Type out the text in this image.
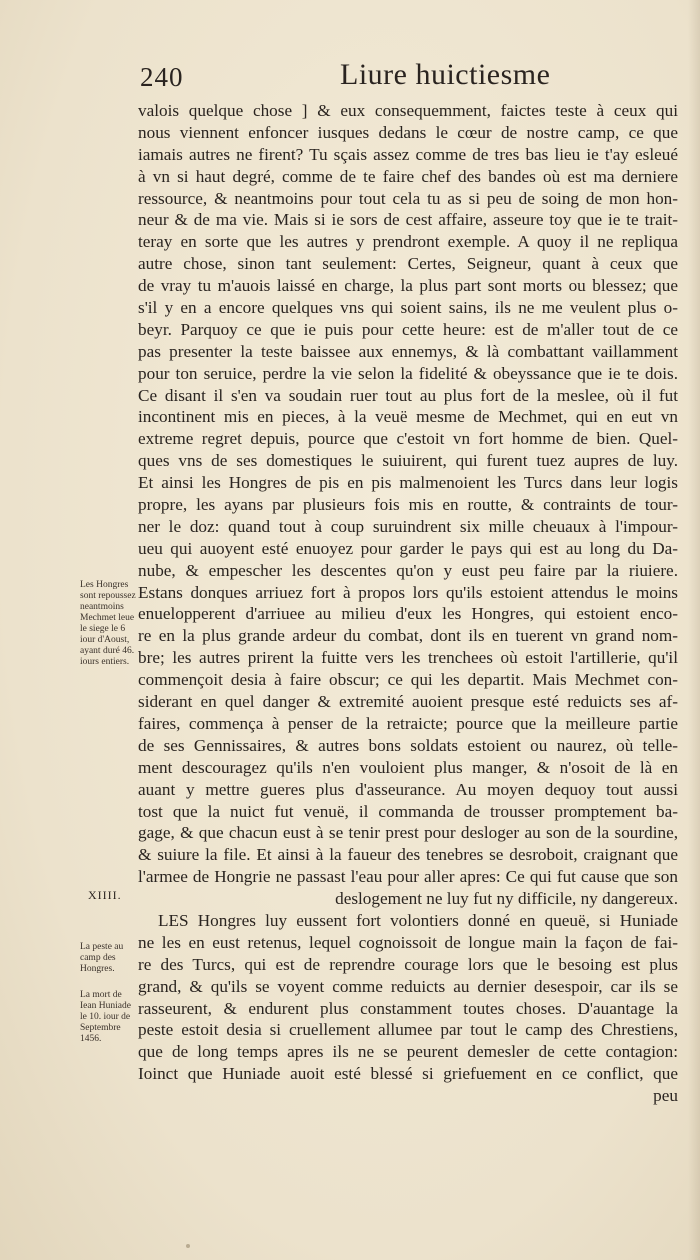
240	Liure huictiesme
valois quelque chose ] & eux consequemment, faictes teste à ceux qui
nous viennent enfoncer iusques dedans le cœur de nostre camp, ce que
iamais autres ne firent? Tu sçais assez comme de tres bas lieu ie t'ay esleué
à vn si haut degré, comme de te faire chef des bandes où est ma derniere
ressource, & neantmoins pour tout cela tu as si peu de soing de mon hon-
neur & de ma vie. Mais si ie sors de cest affaire, asseure toy que ie te trait-
teray en sorte que les autres y prendront exemple. A quoy il ne repliqua
autre chose, sinon tant seulement: Certes, Seigneur, quant à ceux que
de vray tu m'auois laissé en charge, la plus part sont morts ou blessez; que
s'il y en a encore quelques vns qui soient sains, ils ne me veulent plus o-
beyr. Parquoy ce que ie puis pour cette heure: est de m'aller tout de ce
pas presenter la teste baissee aux ennemys, & là combattant vaillamment
pour ton seruice, perdre la vie selon la fidelité & obeyssance que ie te dois.
Ce disant il s'en va soudain ruer tout au plus fort de la meslee, où il fut
incontinent mis en pieces, à la veuë mesme de Mechmet, qui en eut vn
extreme regret depuis, pource que c'estoit vn fort homme de bien. Quel-
ques vns de ses domestiques le suiuirent, qui furent tuez aupres de luy.
Et ainsi les Hongres de pis en pis malmenoient les Turcs dans leur logis
propre, les ayans par plusieurs fois mis en routte, & contraints de tour-
ner le doz: quand tout à coup suruindrent six mille cheuaux à l'impour-
ueu qui auoyent esté enuoyez pour garder le pays qui est au long du Da-
nube, & empescher les descentes qu'on y eust peu faire par la riuiere.
Estans donques arriuez fort à propos lors qu'ils estoient attendus le moins
enuelopperent d'arriuee au milieu d'eux les Hongres, qui estoient enco-
re en la plus grande ardeur du combat, dont ils en tuerent vn grand nom-
bre; les autres prirent la fuitte vers les trenchees où estoit l'artillerie, qu'il
commençoit desia à faire obscur; ce qui les departit. Mais Mechmet con-
siderant en quel danger & extremité auoient presque esté reduicts ses af-
faires, commença à penser de la retraicte; pource que la meilleure partie
de ses Gennissaires, & autres bons soldats estoient ou naurez, où telle-
ment descouragez qu'ils n'en vouloient plus manger, & n'osoit de là en
auant y mettre gueres plus d'asseurance. Au moyen dequoy tout aussi
tost que la nuict fut venuë, il commanda de trousser promptement ba-
gage, & que chacun eust à se tenir prest pour desloger au son de la sourdine,
& suiure la file. Et ainsi à la faueur des tenebres se desroboit, craignant que
l'armee de Hongrie ne passast l'eau pour aller apres: Ce qui fut cause que son
deslogement ne luy fut ny difficile, ny dangereux.
LES Hongres luy eussent fort volontiers donné en queuë, si Huniade
ne les en eust retenus, lequel cognoissoit de longue main la façon de fai-
re des Turcs, qui est de reprendre courage lors que le besoing est plus
grand, & qu'ils se voyent comme reduicts au dernier desespoir, car ils se
rasseurent, & endurent plus constamment toutes choses. D'auantage la
peste estoit desia si cruellement allumee par tout le camp des Chrestiens,
que de long temps apres ils ne se peurent demesler de cette contagion:
Ioinct que Huniade auoit esté blessé si griefuement en ce conflict, que
peu
Les Hongres sont repoussez neantmoins Mechmet leue le siege le 6 iour d'Aoust, ayant duré 46. iours entiers.
XIIII.
La peste au camp des Hongres.
La mort de Iean Huniade le 10. iour de Septembre 1456.
